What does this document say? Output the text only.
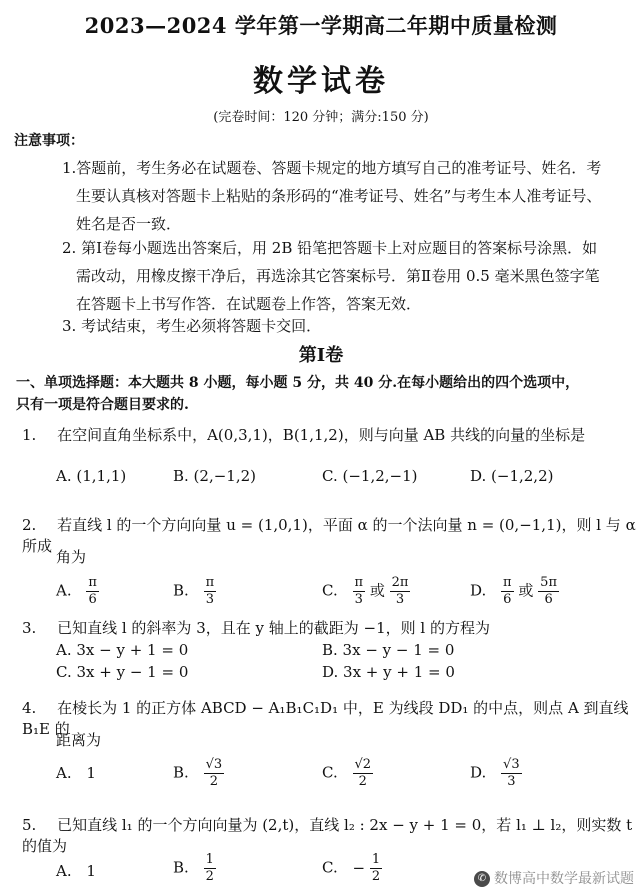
2023—2024 学年第一学期高二年期中质量检测
数学试卷
(完卷时间：120 分钟；满分:150 分)
注意事项：
1.答题前，考生务必在试题卷、答题卡规定的地方填写自己的准考证号、姓名．考
生要认真核对答题卡上粘贴的条形码的“准考证号、姓名”与考生本人准考证号、
姓名是否一致．
2. 第Ⅰ卷每小题选出答案后，用 2B 铅笔把答题卡上对应题目的答案标号涂黑．如
需改动，用橡皮擦干净后，再选涂其它答案标号．第Ⅱ卷用 0.5 毫米黑色签字笔
在答题卡上书写作答．在试题卷上作答，答案无效．
3. 考试结束，考生必须将答题卡交回．
第Ⅰ卷
一、单项选择题：本大题共 8 小题，每小题 5 分，共 40 分.在每小题给出的四个选项中，
只有一项是符合题目要求的.
1. 在空间直角坐标系中，A(0,3,1)，B(1,1,2)，则与向量 AB 共线的向量的坐标是
A. (1,1,1)	B. (2,−1,2)	C. (−1,2,−1)	D. (−1,2,2)
2. 若直线 l 的一个方向向量 u = (1,0,1)，平面 α 的一个法向量 n = (0,−1,1)，则 l 与 α 所成
角为
A. $\frac{\pi}{6}$	B. $\frac{\pi}{3}$	C. $\frac{\pi}{3}$ 或 $\frac{2\pi}{3}$	D. $\frac{\pi}{6}$ 或 $\frac{5\pi}{6}$
3. 已知直线 l 的斜率为 3，且在 y 轴上的截距为 −1，则 l 的方程为
A. 3x − y + 1 = 0	B. 3x − y − 1 = 0
C. 3x + y − 1 = 0	D. 3x + y + 1 = 0
4. 在棱长为 1 的正方体 ABCD − A₁B₁C₁D₁ 中，E 为线段 DD₁ 的中点，则点 A 到直线 B₁E 的
距离为
A. 1	B. $\frac{√3}{2}$	C. $\frac{√2}{2}$	D. $\frac{√3}{3}$
5. 已知直线 l₁ 的一个方向向量为 (2,t)，直线 l₂ : 2x − y + 1 = 0，若 l₁ ⊥ l₂，则实数 t 的值为
A. 1	B. $\frac{1}{2}$	C. − $\frac{1}{2}$	✆ 数博高中数学最新试题
